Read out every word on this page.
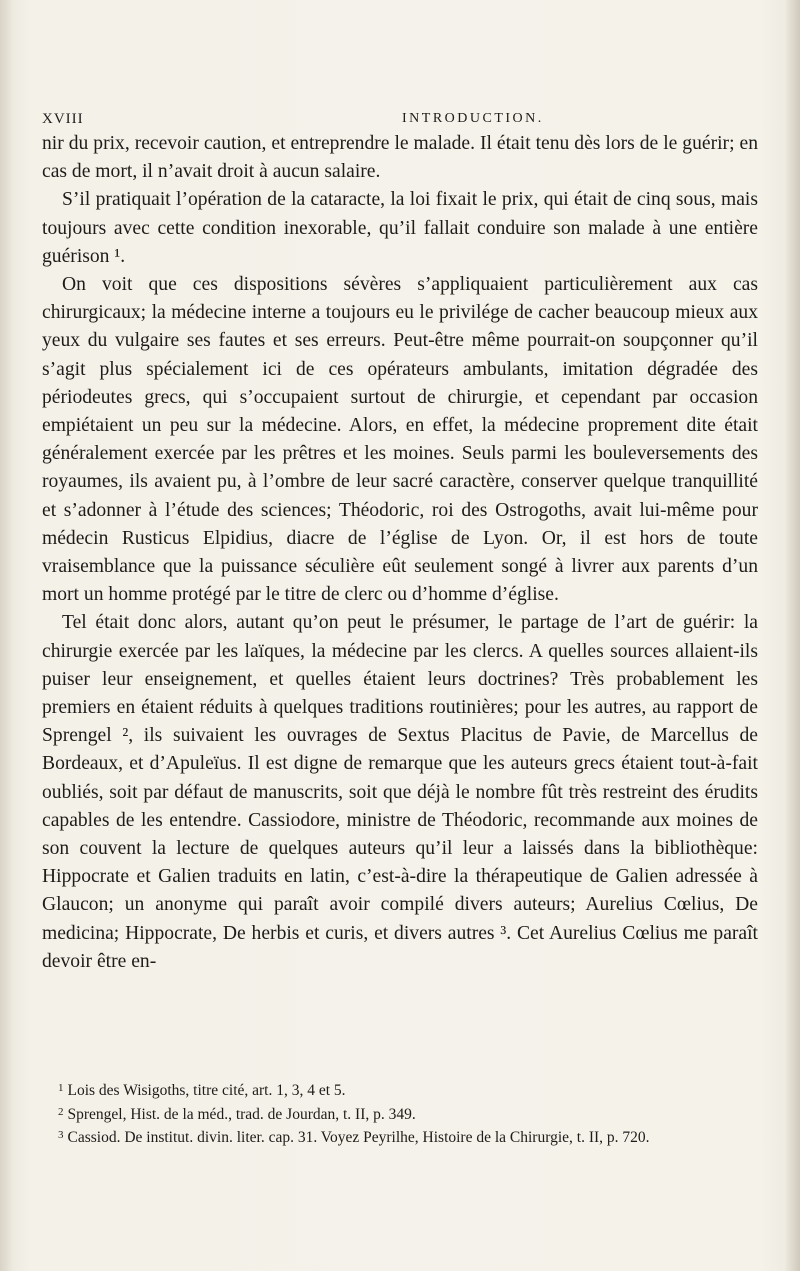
XVIII	INTRODUCTION.

nir du prix, recevoir caution, et entreprendre le malade. Il était tenu dès lors de le guérir; en cas de mort, il n’avait droit à aucun salaire.

S’il pratiquait l’opération de la cataracte, la loi fixait le prix, qui était de cinq sous, mais toujours avec cette condition inexorable, qu’il fallait conduire son malade à une entière guérison ¹.

On voit que ces dispositions sévères s’appliquaient particulièrement aux cas chirurgicaux; la médecine interne a toujours eu le privilége de cacher beaucoup mieux aux yeux du vulgaire ses fautes et ses erreurs. Peut-être même pourrait-on soupçonner qu’il s’agit plus spécialement ici de ces opérateurs ambulants, imitation dégradée des périodeutes grecs, qui s’occupaient surtout de chirurgie, et cependant par occasion empiétaient un peu sur la médecine. Alors, en effet, la médecine proprement dite était généralement exercée par les prêtres et les moines. Seuls parmi les bouleversements des royaumes, ils avaient pu, à l’ombre de leur sacré caractère, conserver quelque tranquillité et s’adonner à l’étude des sciences; Théodoric, roi des Ostrogoths, avait lui-même pour médecin Rusticus Elpidius, diacre de l’église de Lyon. Or, il est hors de toute vraisemblance que la puissance séculière eût seulement songé à livrer aux parents d’un mort un homme protégé par le titre de clerc ou d’homme d’église.

Tel était donc alors, autant qu’on peut le présumer, le partage de l’art de guérir: la chirurgie exercée par les laïques, la médecine par les clercs. A quelles sources allaient-ils puiser leur enseignement, et quelles étaient leurs doctrines? Très probablement les premiers en étaient réduits à quelques traditions routinières; pour les autres, au rapport de Sprengel ², ils suivaient les ouvrages de Sextus Placitus de Pavie, de Marcellus de Bordeaux, et d’Apuleïus. Il est digne de remarque que les auteurs grecs étaient tout-à-fait oubliés, soit par défaut de manuscrits, soit que déjà le nombre fût très restreint des érudits capables de les entendre. Cassiodore, ministre de Théodoric, recommande aux moines de son couvent la lecture de quelques auteurs qu’il leur a laissés dans la bibliothèque: Hippocrate et Galien traduits en latin, c’est-à-dire la thérapeutique de Galien adressée à Glaucon; un anonyme qui paraît avoir compilé divers auteurs; Aurelius Cœlius, De medicina; Hippocrate, De herbis et curis, et divers autres ³. Cet Aurelius Cœlius me paraît devoir être en-

$^1$ Lois des Wisigoths, titre cité, art. 1, 3, 4 et 5.

$^2$ Sprengel, Hist. de la méd., trad. de Jourdan, t. II, p. 349.

$^3$ Cassiod. De institut. divin. liter. cap. 31. Voyez Peyrilhe, Histoire de la Chirurgie, t. II, p. 720.
